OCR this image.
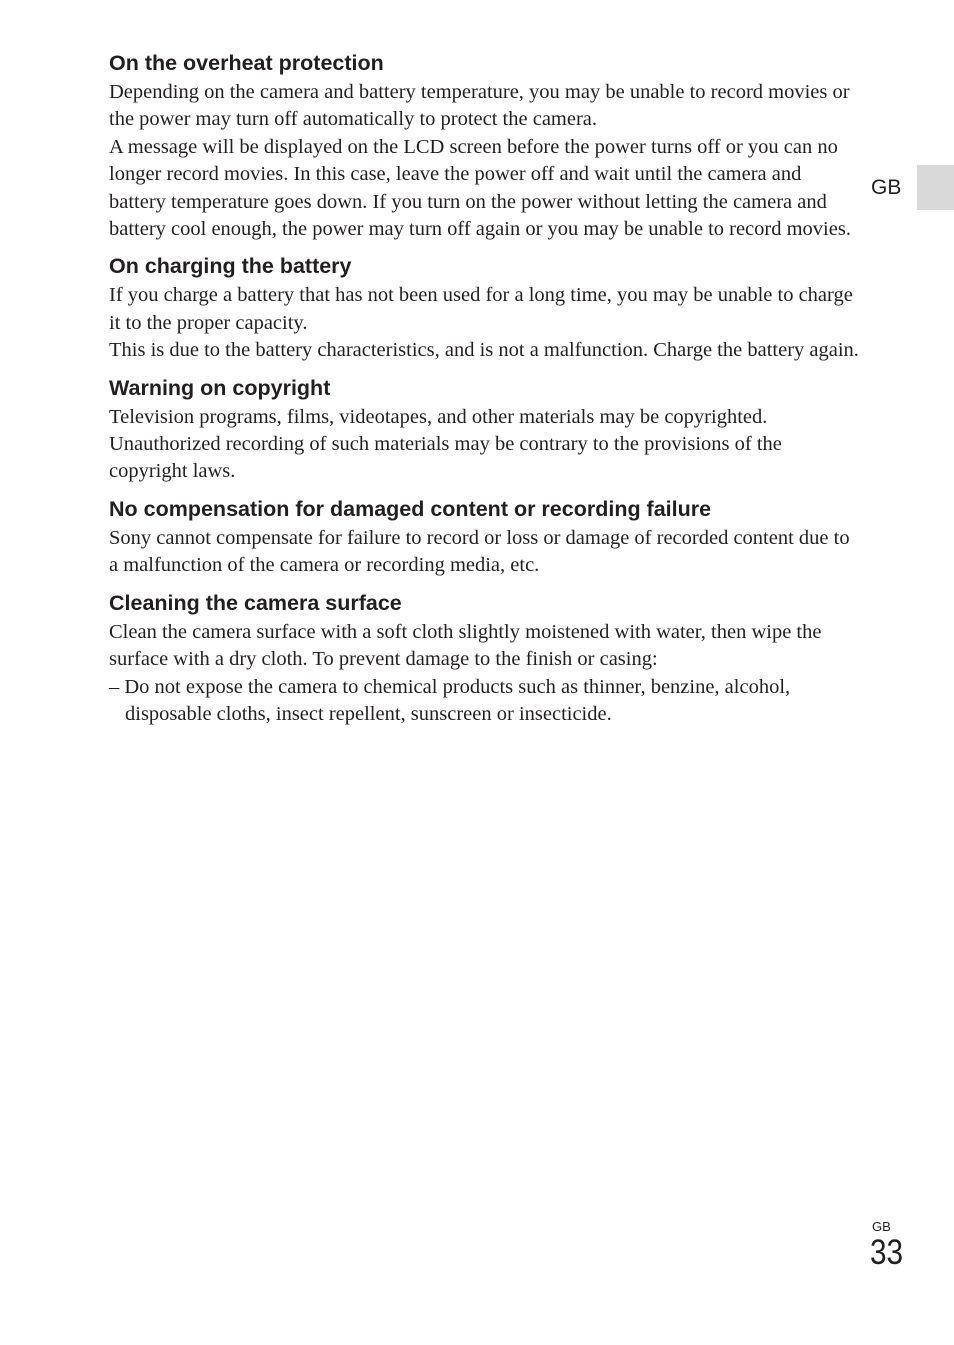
On the overheat protection

Depending on the camera and battery temperature, you may be unable to record movies or the power may turn off automatically to protect the camera.

A message will be displayed on the LCD screen before the power turns off or you can no longer record movies. In this case, leave the power off and wait until the camera and battery temperature goes down. If you turn on the power without letting the camera and battery cool enough, the power may turn off again or you may be unable to record movies.

On charging the battery

If you charge a battery that has not been used for a long time, you may be unable to charge it to the proper capacity.

This is due to the battery characteristics, and is not a malfunction. Charge the battery again.

Warning on copyright

Television programs, films, videotapes, and other materials may be copyrighted. Unauthorized recording of such materials may be contrary to the provisions of the copyright laws.

No compensation for damaged content or recording failure

Sony cannot compensate for failure to record or loss or damage of recorded content due to a malfunction of the camera or recording media, etc.

Cleaning the camera surface

Clean the camera surface with a soft cloth slightly moistened with water, then wipe the surface with a dry cloth. To prevent damage to the finish or casing:

– Do not expose the camera to chemical products such as thinner, benzine, alcohol, disposable cloths, insect repellent, sunscreen or insecticide.

GB
GB
33
